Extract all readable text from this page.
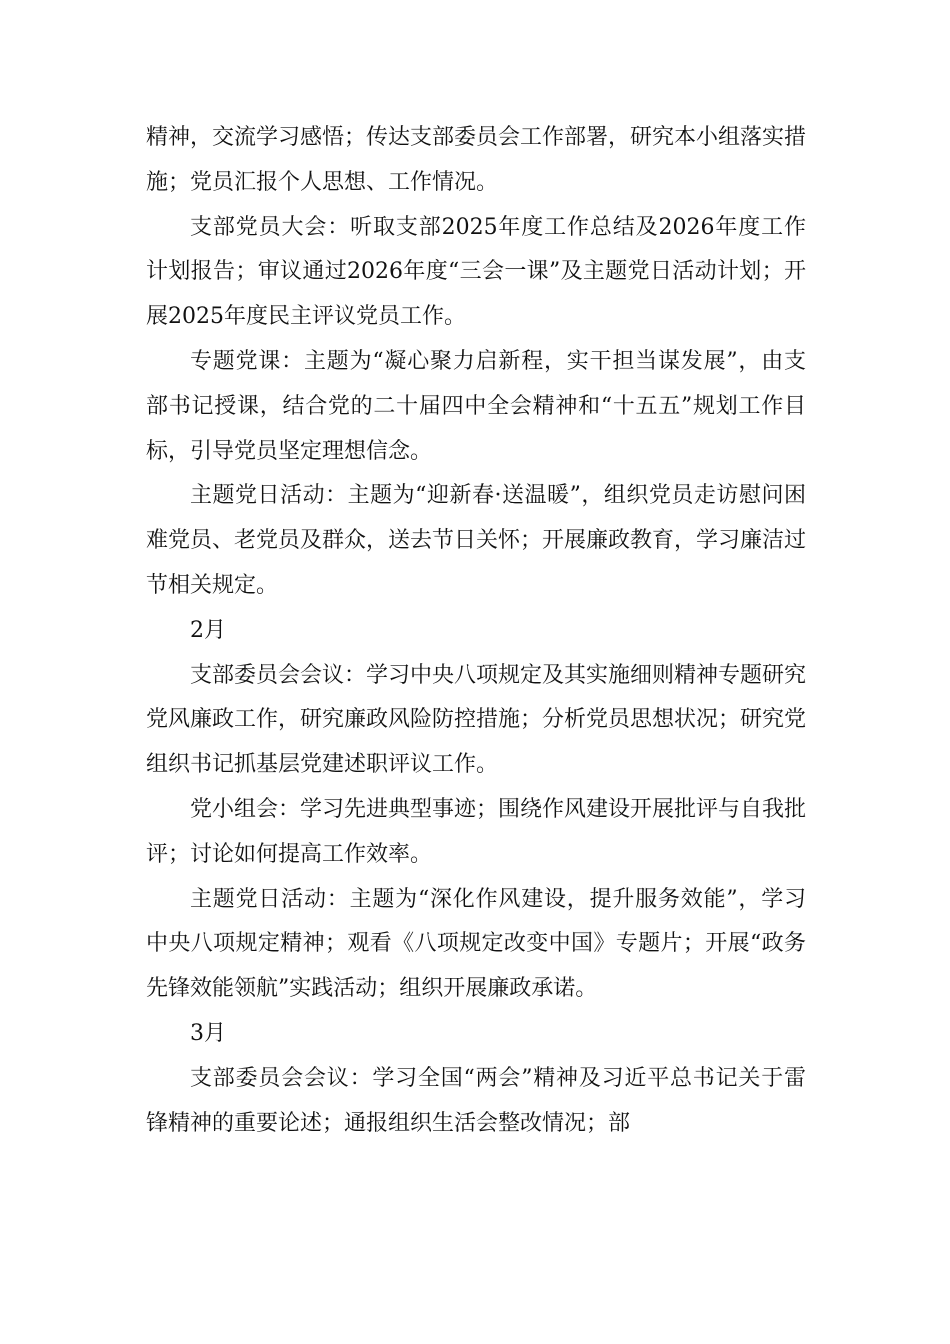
精神，交流学习感悟；传达支部委员会工作部署，研究本小组落实措施；党员汇报个人思想、工作情况。

支部党员大会：听取支部2025年度工作总结及2026年度工作计划报告；审议通过2026年度“三会一课”及主题党日活动计划；开展2025年度民主评议党员工作。

专题党课：主题为“凝心聚力启新程，实干担当谋发展”，由支部书记授课，结合党的二十届四中全会精神和“十五五”规划工作目标，引导党员坚定理想信念。

主题党日活动：主题为“迎新春·送温暖”，组织党员走访慰问困难党员、老党员及群众，送去节日关怀；开展廉政教育，学习廉洁过节相关规定。

2月

支部委员会会议：学习中央八项规定及其实施细则精神专题研究党风廉政工作，研究廉政风险防控措施；分析党员思想状况；研究党组织书记抓基层党建述职评议工作。

党小组会：学习先进典型事迹；围绕作风建设开展批评与自我批评；讨论如何提高工作效率。

主题党日活动：主题为“深化作风建设，提升服务效能”，学习中央八项规定精神；观看《八项规定改变中国》专题片；开展“政务先锋效能领航”实践活动；组织开展廉政承诺。

3月

支部委员会会议：学习全国“两会”精神及习近平总书记关于雷锋精神的重要论述；通报组织生活会整改情况；部
